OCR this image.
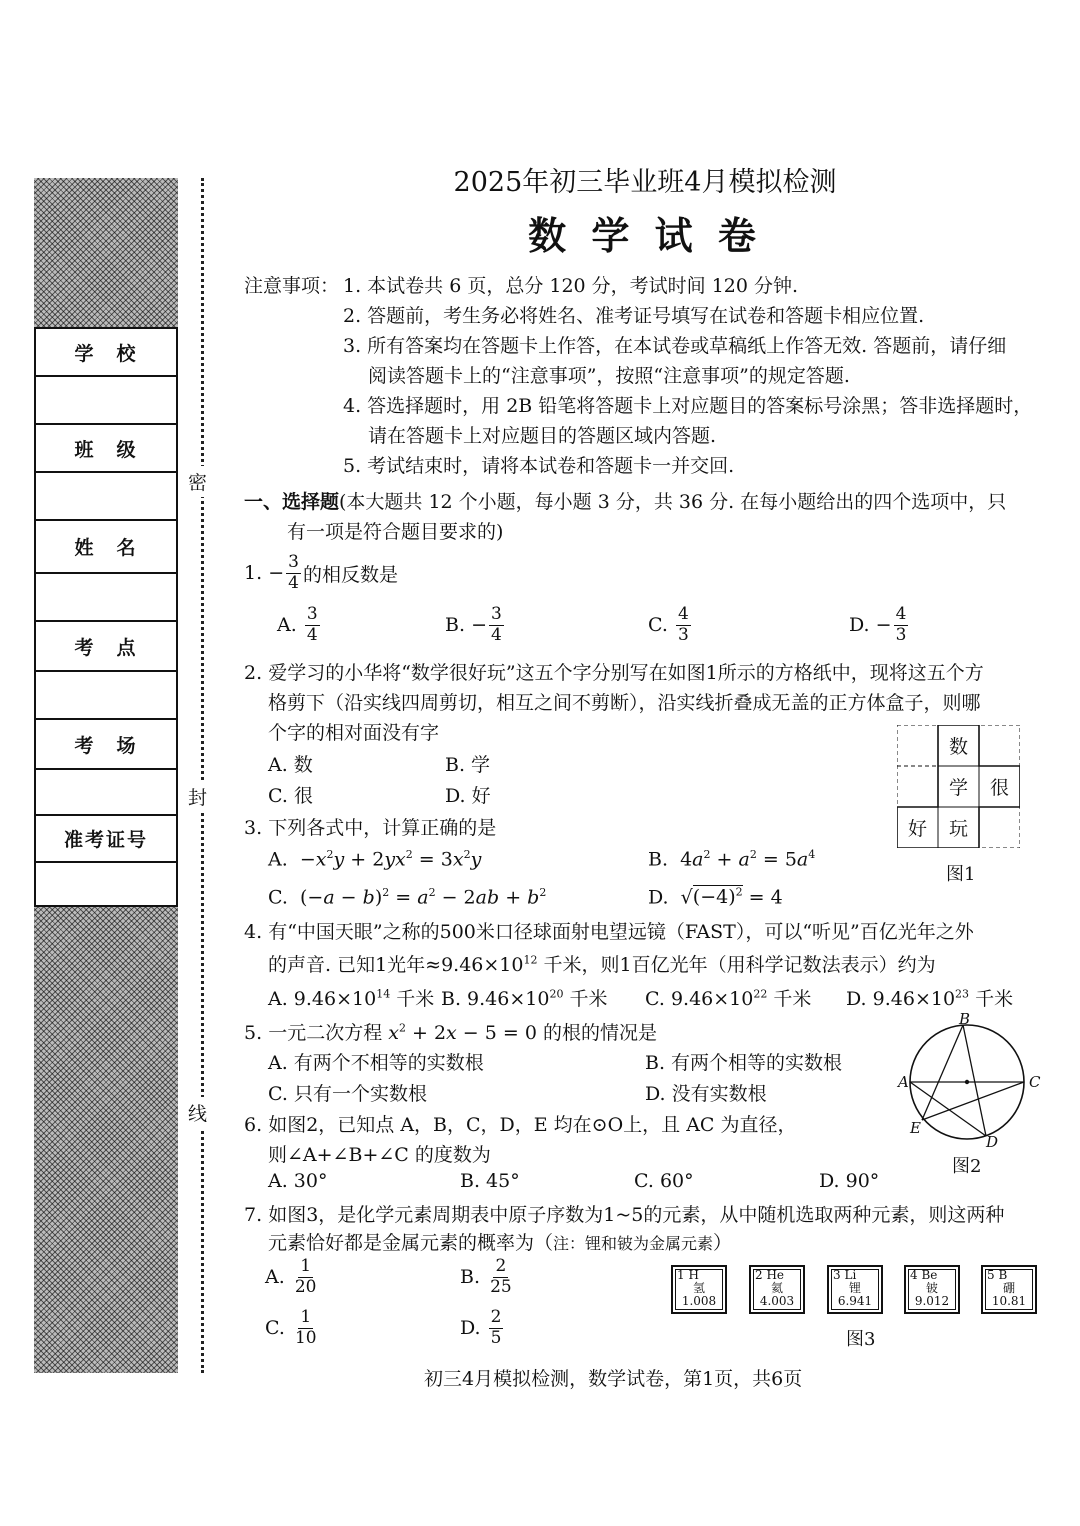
学　校
班　级
姓　名
考　点
考　场
准考证号
密
封
线
2025年初三毕业班4月模拟检测
数 学 试 卷
注意事项： 1. 本试卷共 6 页，总分 120 分，考试时间 120 分钟.
2. 答题前，考生务必将姓名、准考证号填写在试卷和答题卡相应位置.
3. 所有答案均在答题卡上作答，在本试卷或草稿纸上作答无效. 答题前，请仔细
阅读答题卡上的“注意事项”，按照“注意事项”的规定答题.
4. 答选择题时，用 2B 铅笔将答题卡上对应题目的答案标号涂黑；答非选择题时，
请在答题卡上对应题目的答题区域内答题.
5. 考试结束时，请将本试卷和答题卡一并交回.
一、选择题(本大题共 12 个小题，每小题 3 分，共 36 分. 在每小题给出的四个选项中，只
有一项是符合题目要求的)
1.
− $\frac{3}{4}$ 的相反数是
A.
$\frac{3}{4}$	B.
− $\frac{3}{4}$	C.
$\frac{4}{3}$	D.
− $\frac{4}{3}$
2. 爱学习的小华将“数学很好玩”这五个字分别写在如图1所示的方格纸中，现将这五个方
格剪下（沿实线四周剪切，相互之间不剪断），沿实线折叠成无盖的正方体盒子，则哪
个字的相对面没有字
A. 数	B. 学
C. 很	D. 好
数
学	很
好	玩
图1
3. 下列各式中，计算正确的是
A.  $-x^2y + 2yx^2 = 3x^2y$	B.  $4a^2 + a^2 = 5a^4$
C.  $(-a - b)^2 = a^2 - 2ab + b^2$	D.  $√(-4)^2 = 4$
4. 有“中国天眼”之称的500米口径球面射电望远镜（FAST），可以“听见”百亿光年之外
的声音. 已知1光年$\approx 9.46\times 10^{12}$ 千米，则1百亿光年（用科学记数法表示）约为
A. $9.46\times 10^{14}$ 千米 B. $9.46\times 10^{20}$ 千米 C. $9.46\times 10^{22}$ 千米 D. $9.46\times 10^{23}$ 千米
5. 一元二次方程 $x^2 + 2x - 5 = 0$ 的根的情况是
A. 有两个不相等的实数根	B. 有两个相等的实数根
C. 只有一个实数根	D. 没有实数根
6. 如图2，已知点 A，B，C，D，E 均在⊙O上，且 AC 为直径，
则∠A+∠B+∠C 的度数为
A. 30°	B. 45°	C. 60°	D. 90°
B
A	C
E
D
图2
7. 如图3，是化学元素周期表中原子序数为1~5的元素，从中随机选取两种元素，则这两种
元素恰好都是金属元素的概率为（注：锂和铍为金属元素）
A.
$\frac{1}{20}$	B.
$\frac{2}{25}$
C.
$\frac{1}{10}$	D.
$\frac{2}{5}$
1 H
氢
1.008
2 He
氦
4.003
3 Li
锂
6.941
4 Be
铍
9.012
5 B
硼
10.81
图3
初三4月模拟检测，数学试卷，第1页，共6页
